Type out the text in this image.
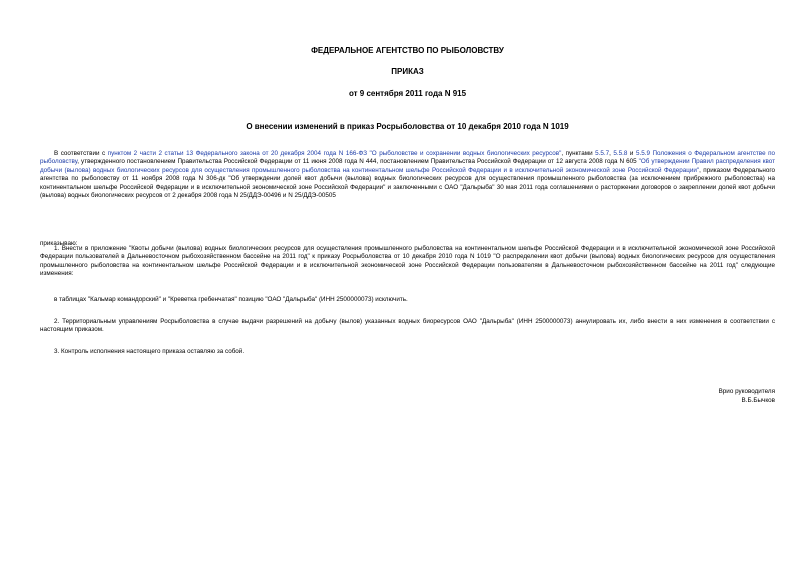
ФЕДЕРАЛЬНОЕ АГЕНТСТВО ПО РЫБОЛОВСТВУ
ПРИКАЗ
от 9 сентября 2011 года N 915
О внесении изменений в приказ Росрыболовства от 10 декабря 2010 года N 1019

В соответствии с пунктом 2 части 2 статьи 13 Федерального закона от 20 декабря 2004 года N 166-ФЗ "О рыболовстве и сохранении водных биологических ресурсов", пунктами 5.5.7, 5.5.8 и 5.5.9 Положения о Федеральном агентстве по рыболовству, утвержденного постановлением Правительства Российской Федерации от 11 июня 2008 года N 444, постановлением Правительства Российской Федерации от 12 августа 2008 года N 605 "Об утверждении Правил распределения квот добычи (вылова) водных биологических ресурсов для осуществления промышленного рыболовства на континентальном шельфе Российской Федерации и в исключительной экономической зоне Российской Федерации", приказом Федерального агентства по рыболовству от 11 ноября 2008 года N 306-дк "Об утверждении долей квот добычи (вылова) водных биологических ресурсов для осуществления промышленного рыболовства (за исключением прибрежного рыболовства) на континентальном шельфе Российской Федерации и в исключительной экономической зоне Российской Федерации" и заключенными с ОАО "Дальрыба" 30 мая 2011 года соглашениями о расторжении договоров о закреплении долей квот добычи (вылова) водных биологических ресурсов от 2 декабря 2008 года N 25/ДДЭ-00496 и N 25/ДДЭ-00505

приказываю:

1. Внести в приложение "Квоты добычи (вылова) водных биологических ресурсов для осуществления промышленного рыболовства на континентальном шельфе Российской Федерации и в исключительной экономической зоне Российской Федерации пользователей в Дальневосточном рыбохозяйственном бассейне на 2011 год" к приказу Росрыболовства от 10 декабря 2010 года N 1019 "О распределении квот добычи (вылова) водных биологических ресурсов для осуществления промышленного рыболовства на континентальном шельфе Российской Федерации и в исключительной экономической зоне Российской Федерации пользователям в Дальневосточном рыбохозяйственном бассейне на 2011 год" следующие изменения:

в таблицах "Кальмар командорский" и "Креветка гребенчатая" позицию "ОАО "Дальрыба" (ИНН 2500000073) исключить.

2. Территориальным управлениям Росрыболовства в случае выдачи разрешений на добычу (вылов) указанных водных биоресурсов ОАО "Дальрыба" (ИНН 2500000073) аннулировать их, либо внести в них изменения в соответствии с настоящим приказом.

3. Контроль исполнения настоящего приказа оставляю за собой.

Врио руководителя
В.Б.Бычков
